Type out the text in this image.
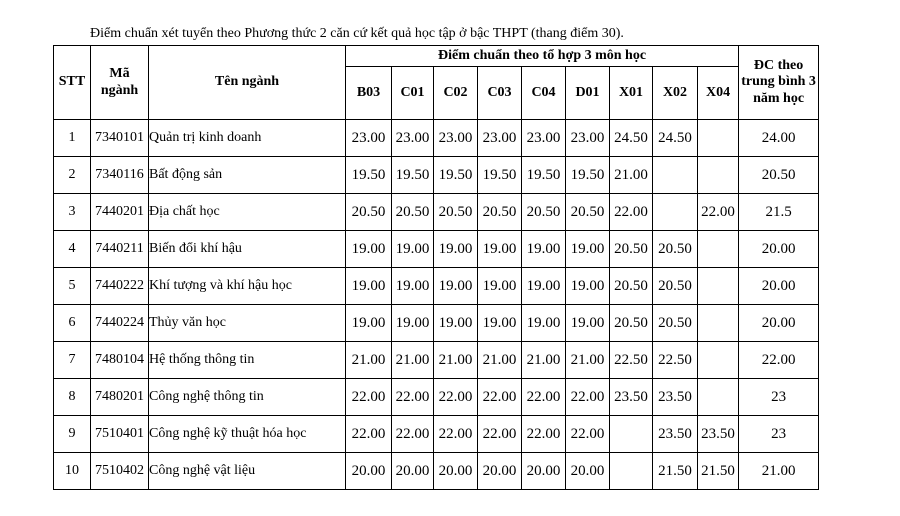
Điểm chuẩn xét tuyển theo Phương thức 2 căn cứ kết quả học tập ở bậc THPT (thang điểm 30).
STT	Mã ngành	Tên ngành	Điểm chuẩn theo tổ hợp 3 môn học									ĐC theo trung bình 3 năm học
			B03	C01	C02	C03	C04	D01	X01	X02	X04	
1	7340101	Quản trị kinh doanh	23.00	23.00	23.00	23.00	23.00	23.00	24.50	24.50		24.00
2	7340116	Bất động sản	19.50	19.50	19.50	19.50	19.50	19.50	21.00			20.50
3	7440201	Địa chất học	20.50	20.50	20.50	20.50	20.50	20.50	22.00		22.00	21.5
4	7440211	Biến đổi khí hậu	19.00	19.00	19.00	19.00	19.00	19.00	20.50	20.50		20.00
5	7440222	Khí tượng và khí hậu học	19.00	19.00	19.00	19.00	19.00	19.00	20.50	20.50		20.00
6	7440224	Thủy văn học	19.00	19.00	19.00	19.00	19.00	19.00	20.50	20.50		20.00
7	7480104	Hệ thống thông tin	21.00	21.00	21.00	21.00	21.00	21.00	22.50	22.50		22.00
8	7480201	Công nghệ thông tin	22.00	22.00	22.00	22.00	22.00	22.00	23.50	23.50		23
9	7510401	Công nghệ kỹ thuật hóa học	22.00	22.00	22.00	22.00	22.00	22.00		23.50	23.50	23
10	7510402	Công nghệ vật liệu	20.00	20.00	20.00	20.00	20.00	20.00		21.50	21.50	21.00
